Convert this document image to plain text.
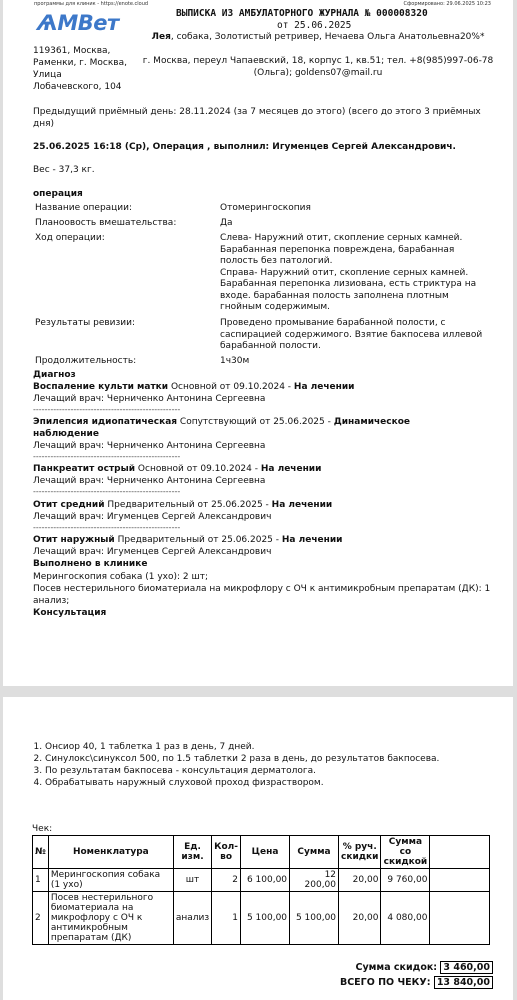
программы для клиник - https://enote.cloud	Сформировано: 29.06.2025 10:23
ѦМВет	ВЫПИСКА ИЗ АМБУЛАТОРНОГО ЖУРНАЛА № 000008320
от 25.06.2025
Лея, собака, Золотистый ретривер, Нечаева Ольга Анатольевна20%*
г. Москва, переул Чапаевский, 18, корпус 1, кв.51; тел. +8(985)997-06-78 (Ольга); goldens07@mail.ru
119361, Москва,
Раменки, г. Москва,
Улица
Лобачевского, 104
Предыдущий приёмный день: 28.11.2024 (за 7 месяцев до этого) (всего до этого 3 приёмных дня)
25.06.2025 16:18 (Ср), Операция , выполнил: Игуменцев Сергей Александрович.
Вес - 37,3 кг.
операция
Название операции:	Отомерингоскопия
Планоовость вмешательства:	Да
Ход операции:	Слева- Наружний отит, скопление серных камней. Барабанная перепонка повреждена, барабанная полость без патологий.
Справа- Наружний отит, скопление серных камней. Барабанная перепонка лизиована, есть стриктура на входе. барабанная полость заполнена плотным гнойным содержимым.
Результаты ревизии:	Проведено промывание барабанной полости, с саспирацией содержимого. Взятие бакпосева иллевой барабанной полости.
Продолжительность:	1ч30м
Диагноз
Воспаление культи матки Основной от 09.10.2024 - На лечении
Лечащий врач: Черниченко Антонина Сергеевна
---------------------------------------------------
Эпилепсия идиопатическая Сопутствующий от 25.06.2025 - Динамическое наблюдение
Лечащий врач: Черниченко Антонина Сергеевна
---------------------------------------------------
Панкреатит острый Основной от 09.10.2024 - На лечении
Лечащий врач: Черниченко Антонина Сергеевна
---------------------------------------------------
Отит средний Предварительный от 25.06.2025 - На лечении
Лечащий врач: Игуменцев Сергей Александрович
---------------------------------------------------
Отит наружный Предварительный от 25.06.2025 - На лечении
Лечащий врач: Игуменцев Сергей Александрович
Выполнено в клинике
Мерингоскопия собака (1 ухо): 2 шт;
Посев нестерильного биоматериала на микрофлору с ОЧ к антимикробным препаратам (ДК): 1 анализ;
Консультация
1. Онсиор 40, 1 таблетка 1 раз в день, 7 дней.
2. Синулокс\синуксол 500, по 1.5 таблетки 2 раза в день, до результатов бакпосева.
3. По результатам бакпосева - консультация дерматолога.
4. Обрабатывать наружный слуховой проход физраствором.
Чек:
№	Номенклатура	Ед. изм.	Кол-во	Цена	Сумма	% руч. скидки	Сумма со скидкой	
1	Мерингоскопия собака (1 ухо)	шт	2	6 100,00	12 200,00	20,00	9 760,00	
2	Посев нестерильного биоматериала на микрофлору с ОЧ к антимикробным препаратам (ДК)	анализ	1	5 100,00	5 100,00	20,00	4 080,00	
Сумма скидок: 3 460,00
ВСЕГО ПО ЧЕКУ: 13 840,00
